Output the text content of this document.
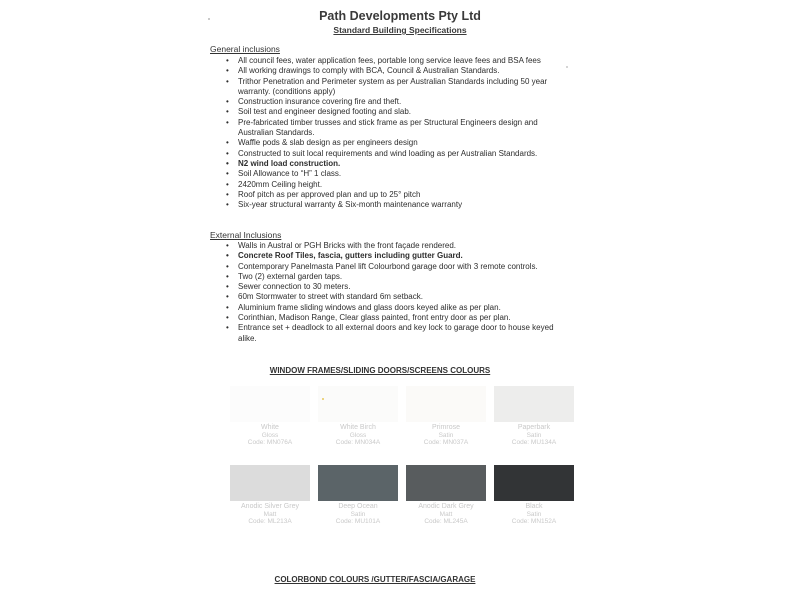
Path Developments Pty Ltd
Standard Building Specifications
General inclusions
• All council fees, water application fees, portable long service leave fees and BSA fees
• All working drawings to comply with BCA, Council & Australian Standards.
• Trithor Penetration and Perimeter system as per Australian Standards including 50 year warranty. (conditions apply)
• Construction insurance covering fire and theft.
• Soil test and engineer designed footing and slab.
• Pre-fabricated timber trusses and stick frame as per Structural Engineers design and Australian Standards.
• Waffle pods & slab design as per engineers design
• Constructed to suit local requirements and wind loading as per Australian Standards.
• N2 wind load construction.
• Soil Allowance to “H” 1 class.
• 2420mm Ceiling height.
• Roof pitch as per approved plan and up to 25° pitch
• Six-year structural warranty & Six-month maintenance warranty
External Inclusions
• Walls in Austral or PGH Bricks with the front façade rendered.
• Concrete Roof Tiles, fascia, gutters including gutter Guard.
• Contemporary Panelmasta Panel lift Colourbond garage door with 3 remote controls.
• Two (2) external garden taps.
• Sewer connection to 30 meters.
• 60m Stormwater to street with standard 6m setback.
• Aluminium frame sliding windows and glass doors keyed alike as per plan.
• Corinthian, Madison Range, Clear glass painted, front entry door as per plan.
• Entrance set + deadlock to all external doors and key lock to garage door to house keyed alike.
WINDOW FRAMES/SLIDING DOORS/SCREENS COLOURS
White
Gloss
Code: MN076A
White Birch
Gloss
Code: MN034A
Primrose
Satin
Code: MN037A
Paperbark
Satin
Code: MU134A
Anodic Silver Grey
Matt
Code: ML213A
Deep Ocean
Satin
Code: MU101A
Anodic Dark Grey
Matt
Code: ML245A
Black
Satin
Code: MN152A
COLORBOND COLOURS /GUTTER/FASCIA/GARAGE
